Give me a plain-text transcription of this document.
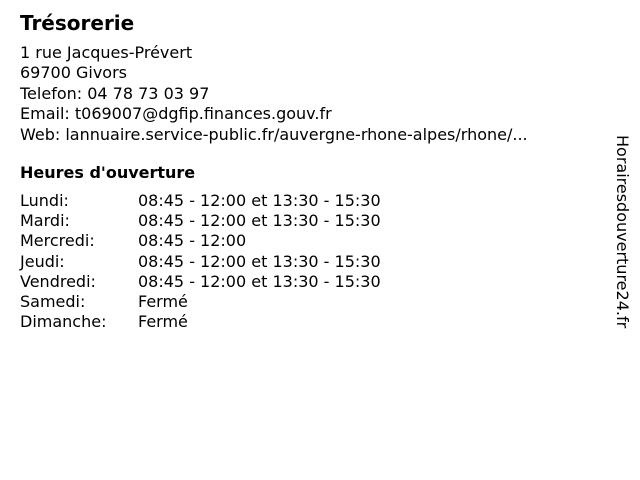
Trésorerie
1 rue Jacques-Prévert
69700 Givors
Telefon: 04 78 73 03 97
Email: t069007@dgfip.finances.gouv.fr
Web: lannuaire.service-public.fr/auvergne-rhone-alpes/rhone/...
Heures d'ouverture
Lundi:	08:45 - 12:00 et 13:30 - 15:30
Mardi:	08:45 - 12:00 et 13:30 - 15:30
Mercredi:	08:45 - 12:00
Jeudi:	08:45 - 12:00 et 13:30 - 15:30
Vendredi:	08:45 - 12:00 et 13:30 - 15:30
Samedi:	Fermé
Dimanche:	Fermé	Horairesdouverture24.fr
